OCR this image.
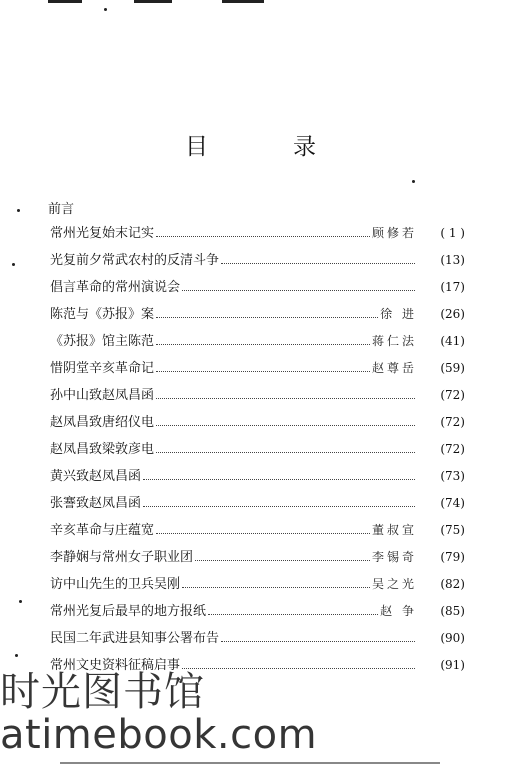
目	录
前言
常州光复始末记实	顾修若	( 1 )
光复前夕常武农村的反清斗争	(13)
倡言革命的常州演说会	(17)
陈范与《苏报》案	徐 进	(26)
《苏报》馆主陈范	蒋仁法	(41)
惜阴堂辛亥革命记	赵尊岳	(59)
孙中山致赵凤昌函	(72)
赵凤昌致唐绍仪电	(72)
赵凤昌致梁敦彦电	(72)
黄兴致赵凤昌函	(73)
张謇致赵凤昌函	(74)
辛亥革命与庄蕴宽	董叔宣	(75)
李静娴与常州女子职业团	李锡奇	(79)
访中山先生的卫兵吴刚	吴之光	(82)
常州光复后最早的地方报纸	赵 争	(85)
民国二年武进县知事公署布告	(90)
常州文史资料征稿启事	(91)
时光图书馆
atimebook.com
